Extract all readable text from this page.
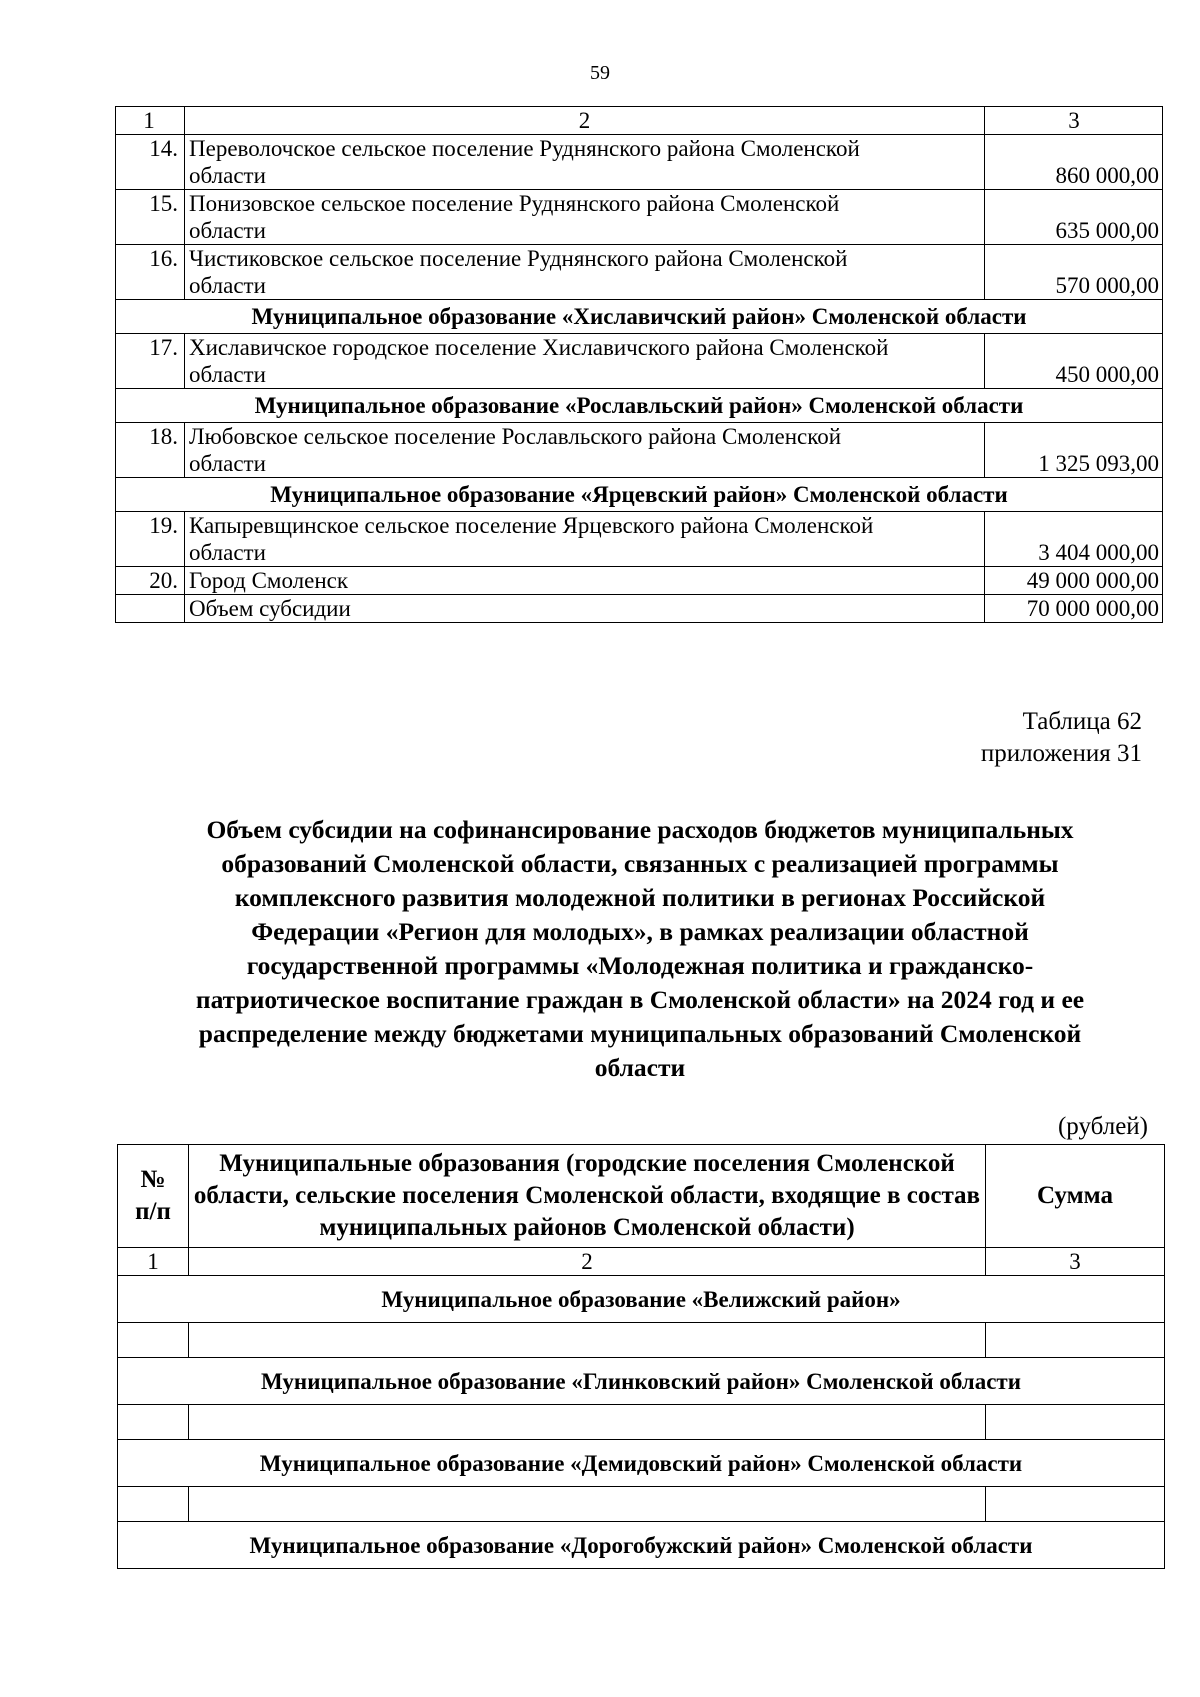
59
1	2	3
14.	Переволочское сельское поселение Руднянского района Смоленской
области	860 000,00
15.	Понизовское сельское поселение Руднянского района Смоленской
области	635 000,00
16.	Чистиковское сельское поселение Руднянского района Смоленской
области	570 000,00
Муниципальное образование «Хиславичский район» Смоленской области		
17.	Хиславичское городское поселение Хиславичского района Смоленской
области	450 000,00
Муниципальное образование «Рославльский район» Смоленской области		
18.	Любовское сельское поселение Рославльского района Смоленской
области	1 325 093,00
Муниципальное образование «Ярцевский район» Смоленской области		
19.	Капыревщинское сельское поселение Ярцевского района Смоленской
области	3 404 000,00
20.	Город Смоленск	49 000 000,00

	Объем субсидии	70 000 000,00
Таблица 62
приложения 31
Объем субсидии на софинансирование расходов бюджетов муниципальных
образований Смоленской области, связанных с реализацией программы
комплексного развития молодежной политики в регионах Российской
Федерации «Регион для молодых», в рамках реализации областной
государственной программы «Молодежная политика и гражданско-
патриотическое воспитание граждан в Смоленской области» на 2024 год и ее
распределение между бюджетами муниципальных образований Смоленской
области
(рублей)
№
п/п	Муниципальные образования (городские поселения Смоленской области, сельские поселения Смоленской области, входящие в состав муниципальных районов Смоленской области)	Сумма
1	2	3
Муниципальное образование «Велижский район»		

Муниципальное образование «Глинковский район» Смоленской области		

Муниципальное образование «Демидовский район» Смоленской области		

Муниципальное образование «Дорогобужский район» Смоленской области		
